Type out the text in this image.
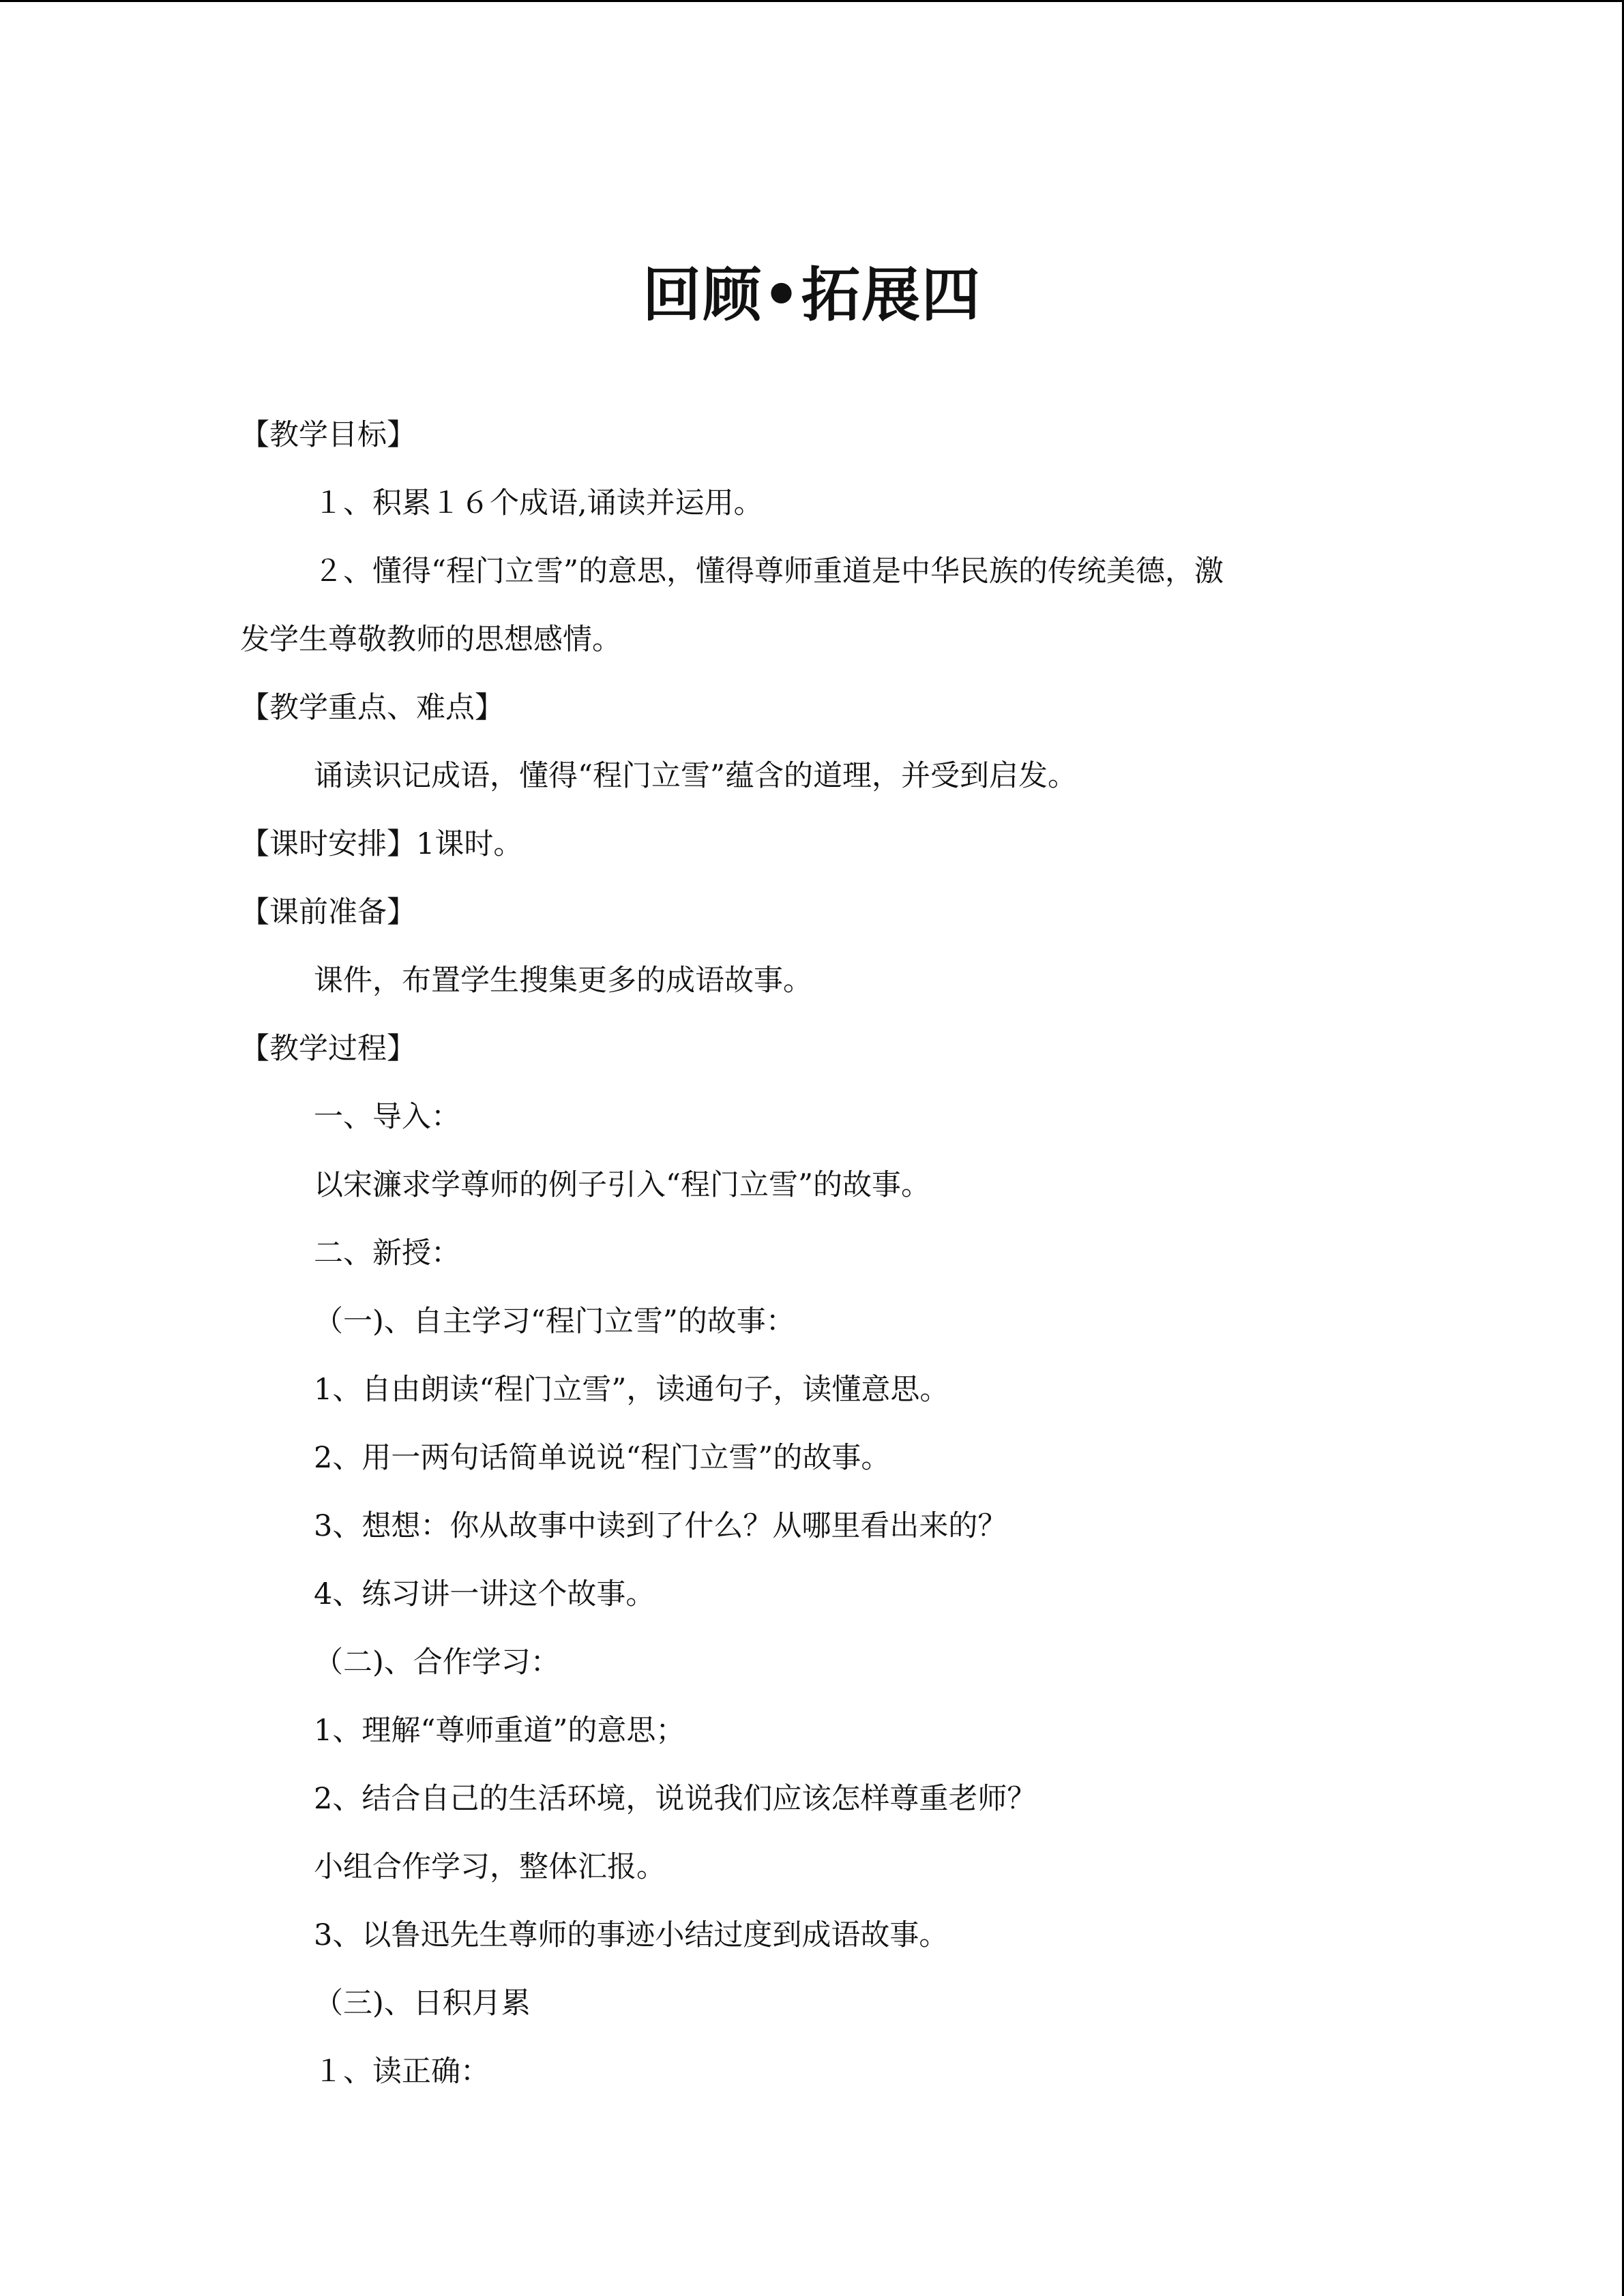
回顾•拓展四
【教学目标】
１、积累１６个成语,诵读并运用。
２、懂得“程门立雪”的意思，懂得尊师重道是中华民族的传统美德，激
发学生尊敬教师的思想感情。
【教学重点、难点】
诵读识记成语，懂得“程门立雪”蕴含的道理，并受到启发。
【课时安排】1课时。
【课前准备】
课件，布置学生搜集更多的成语故事。
【教学过程】
一、导入：
以宋濂求学尊师的例子引入“程门立雪”的故事。
二、新授：
（一)、自主学习“程门立雪”的故事：
1、自由朗读“程门立雪”，读通句子，读懂意思。
2、用一两句话简单说说“程门立雪”的故事。
3、想想：你从故事中读到了什么？从哪里看出来的？
4、练习讲一讲这个故事。
（二)、合作学习：
1、理解“尊师重道”的意思；
2、结合自己的生活环境，说说我们应该怎样尊重老师？
小组合作学习，整体汇报。
3、以鲁迅先生尊师的事迹小结过度到成语故事。
（三)、日积月累
１、读正确：
